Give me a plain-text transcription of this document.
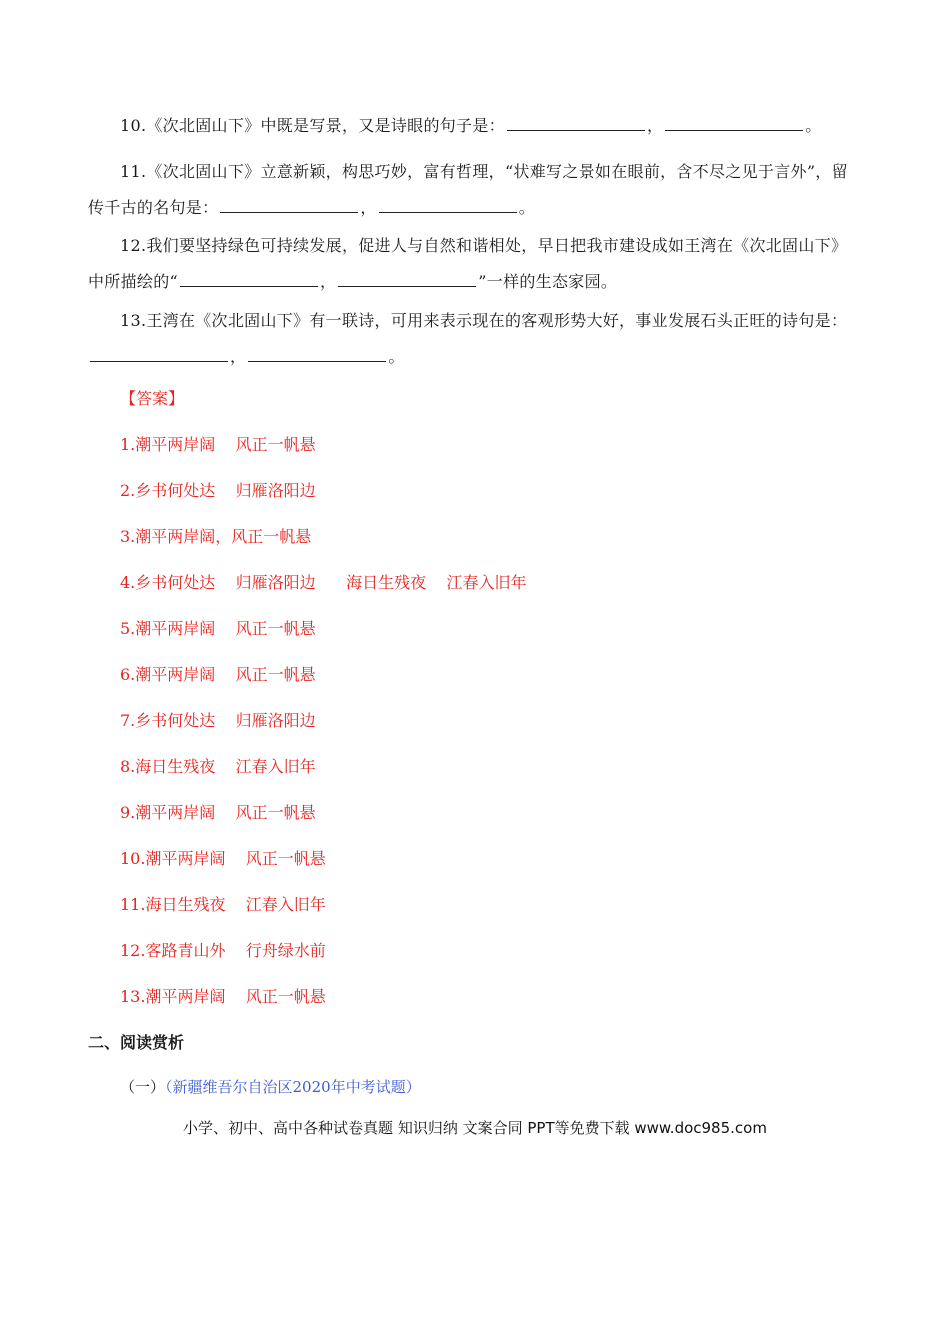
10.《次北固山下》中既是写景，又是诗眼的句子是：	，	。
11.《次北固山下》立意新颖，构思巧妙，富有哲理，“状难写之景如在眼前，含不尽之见于言外”，留传千古的名句是：	，	。
12.我们要坚持绿色可持续发展，促进人与自然和谐相处，早日把我市建设成如王湾在《次北固山下》中所描绘的“	，	”一样的生态家园。
13.王湾在《次北固山下》有一联诗，可用来表示现在的客观形势大好，事业发展石头正旺的诗句是：，	。
【答案】
1.潮平两岸阔    风正一帆悬
2.乡书何处达    归雁洛阳边
3.潮平两岸阔，风正一帆悬
4.乡书何处达    归雁洛阳边      海日生残夜    江春入旧年
5.潮平两岸阔    风正一帆悬
6.潮平两岸阔    风正一帆悬
7.乡书何处达    归雁洛阳边
8.海日生残夜    江春入旧年
9.潮平两岸阔    风正一帆悬
10.潮平两岸阔    风正一帆悬
11.海日生残夜    江春入旧年
12.客路青山外    行舟绿水前
13.潮平两岸阔    风正一帆悬
二、阅读赏析
（一）（新疆维吾尔自治区2020年中考试题）
小学、初中、高中各种试卷真题 知识归纳 文案合同 PPT等免费下载 www.doc985.com
